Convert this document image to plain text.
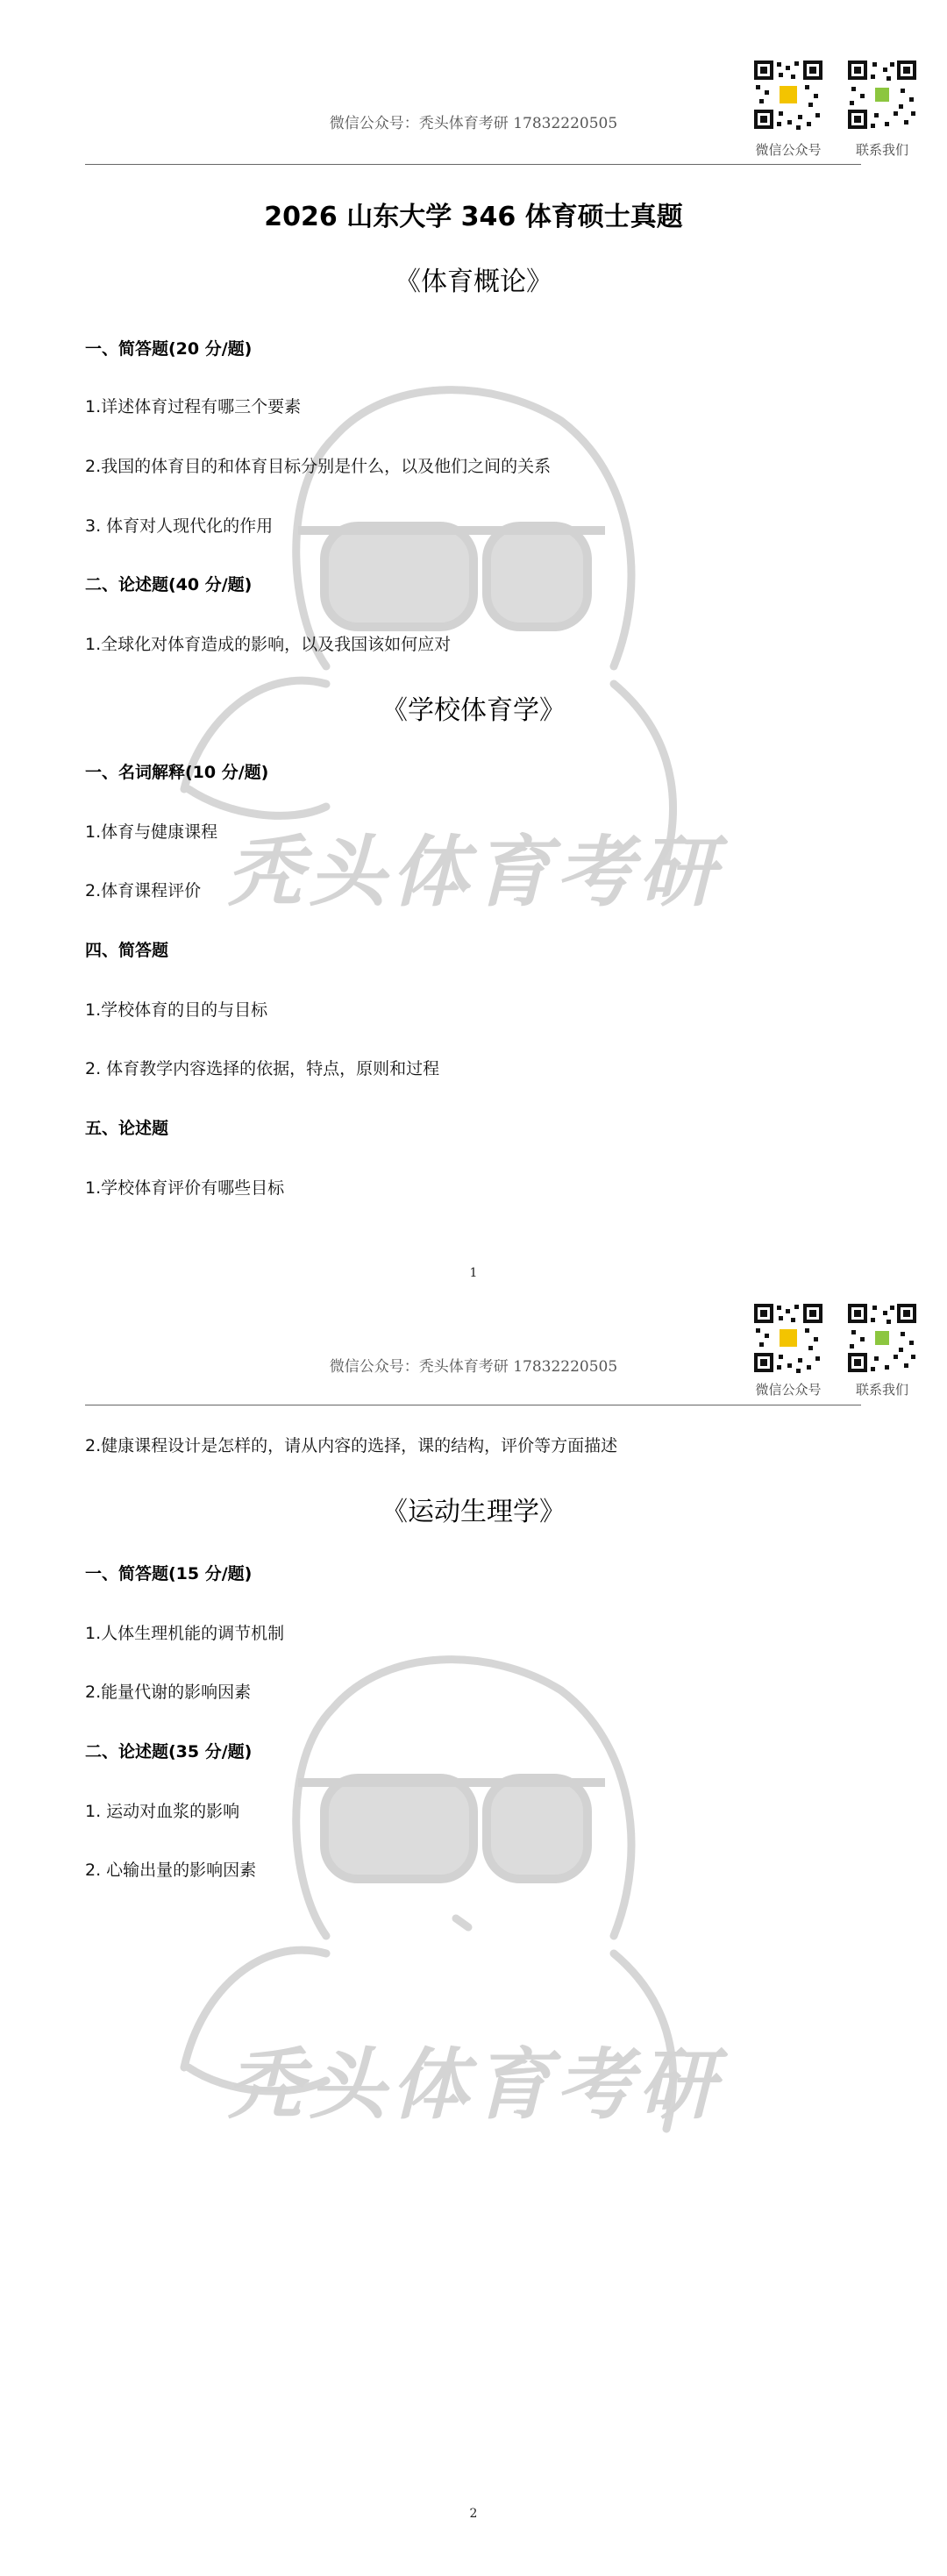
秃头体育考研
微信公众号：秃头体育考研 17832220505
微信公众号	联系我们
2026 山东大学 346 体育硕士真题
《体育概论》
一、简答题(20 分/题)
1.详述体育过程有哪三个要素
2.我国的体育目的和体育目标分别是什么，以及他们之间的关系
3. 体育对人现代化的作用
二、论述题(40 分/题)
1.全球化对体育造成的影响，以及我国该如何应对
《学校体育学》
一、名词解释(10 分/题)
1.体育与健康课程
2.体育课程评价
四、简答题
1.学校体育的目的与目标
2. 体育教学内容选择的依据，特点，原则和过程
五、论述题
1.学校体育评价有哪些目标
1
秃头体育考研
微信公众号：秃头体育考研 17832220505
微信公众号	联系我们
2.健康课程设计是怎样的，请从内容的选择，课的结构，评价等方面描述
《运动生理学》
一、简答题(15 分/题)
1.人体生理机能的调节机制
2.能量代谢的影响因素
二、论述题(35 分/题)
1. 运动对血浆的影响
2. 心输出量的影响因素
2
